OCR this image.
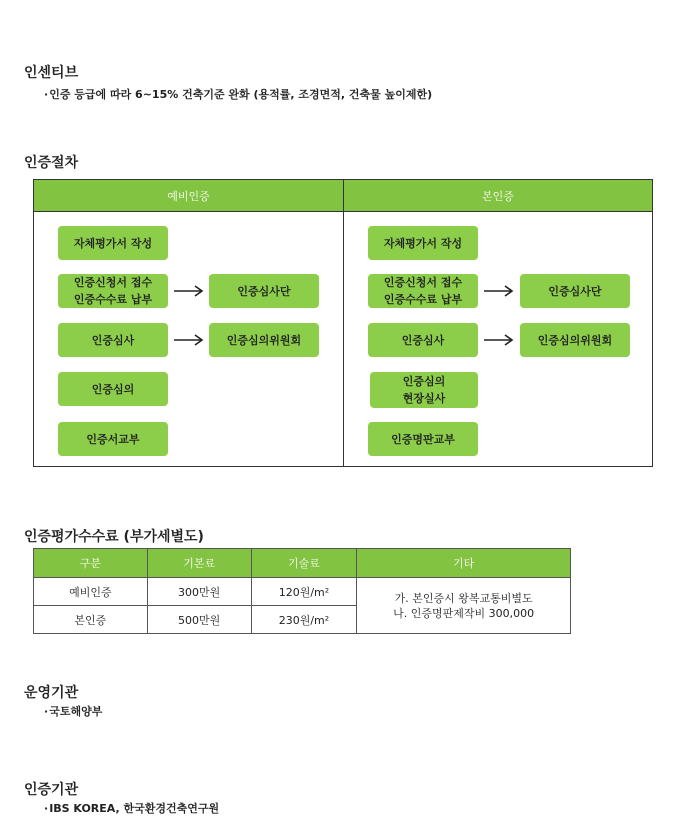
인센티브
· 인증 등급에 따라 6~15% 건축기준 완화 (용적률, 조경면적, 건축물 높이제한)
인증절차
예비인증
자체평가서 작성
인증신청서 접수
인증수수료 납부
인증심사단
인증심사	인증심의위원회
인증심의
인증서교부
본인증
자체평가서 작성
인증신청서 접수
인증수수료 납부
인증심사단
인증심사	인증심의위원회
인증심의
현장실사
인증명판교부
인증평가수수료 (부가세별도)
구분	기본료	기술료	기타
예비인증	300만원	120원/m²	가. 본인증시 왕복교통비별도
나. 인증명판제작비 300,000

본인증	500만원	230원/m²	
운영기관
· 국토해양부
인증기관
· IBS KOREA, 한국환경건축연구원
